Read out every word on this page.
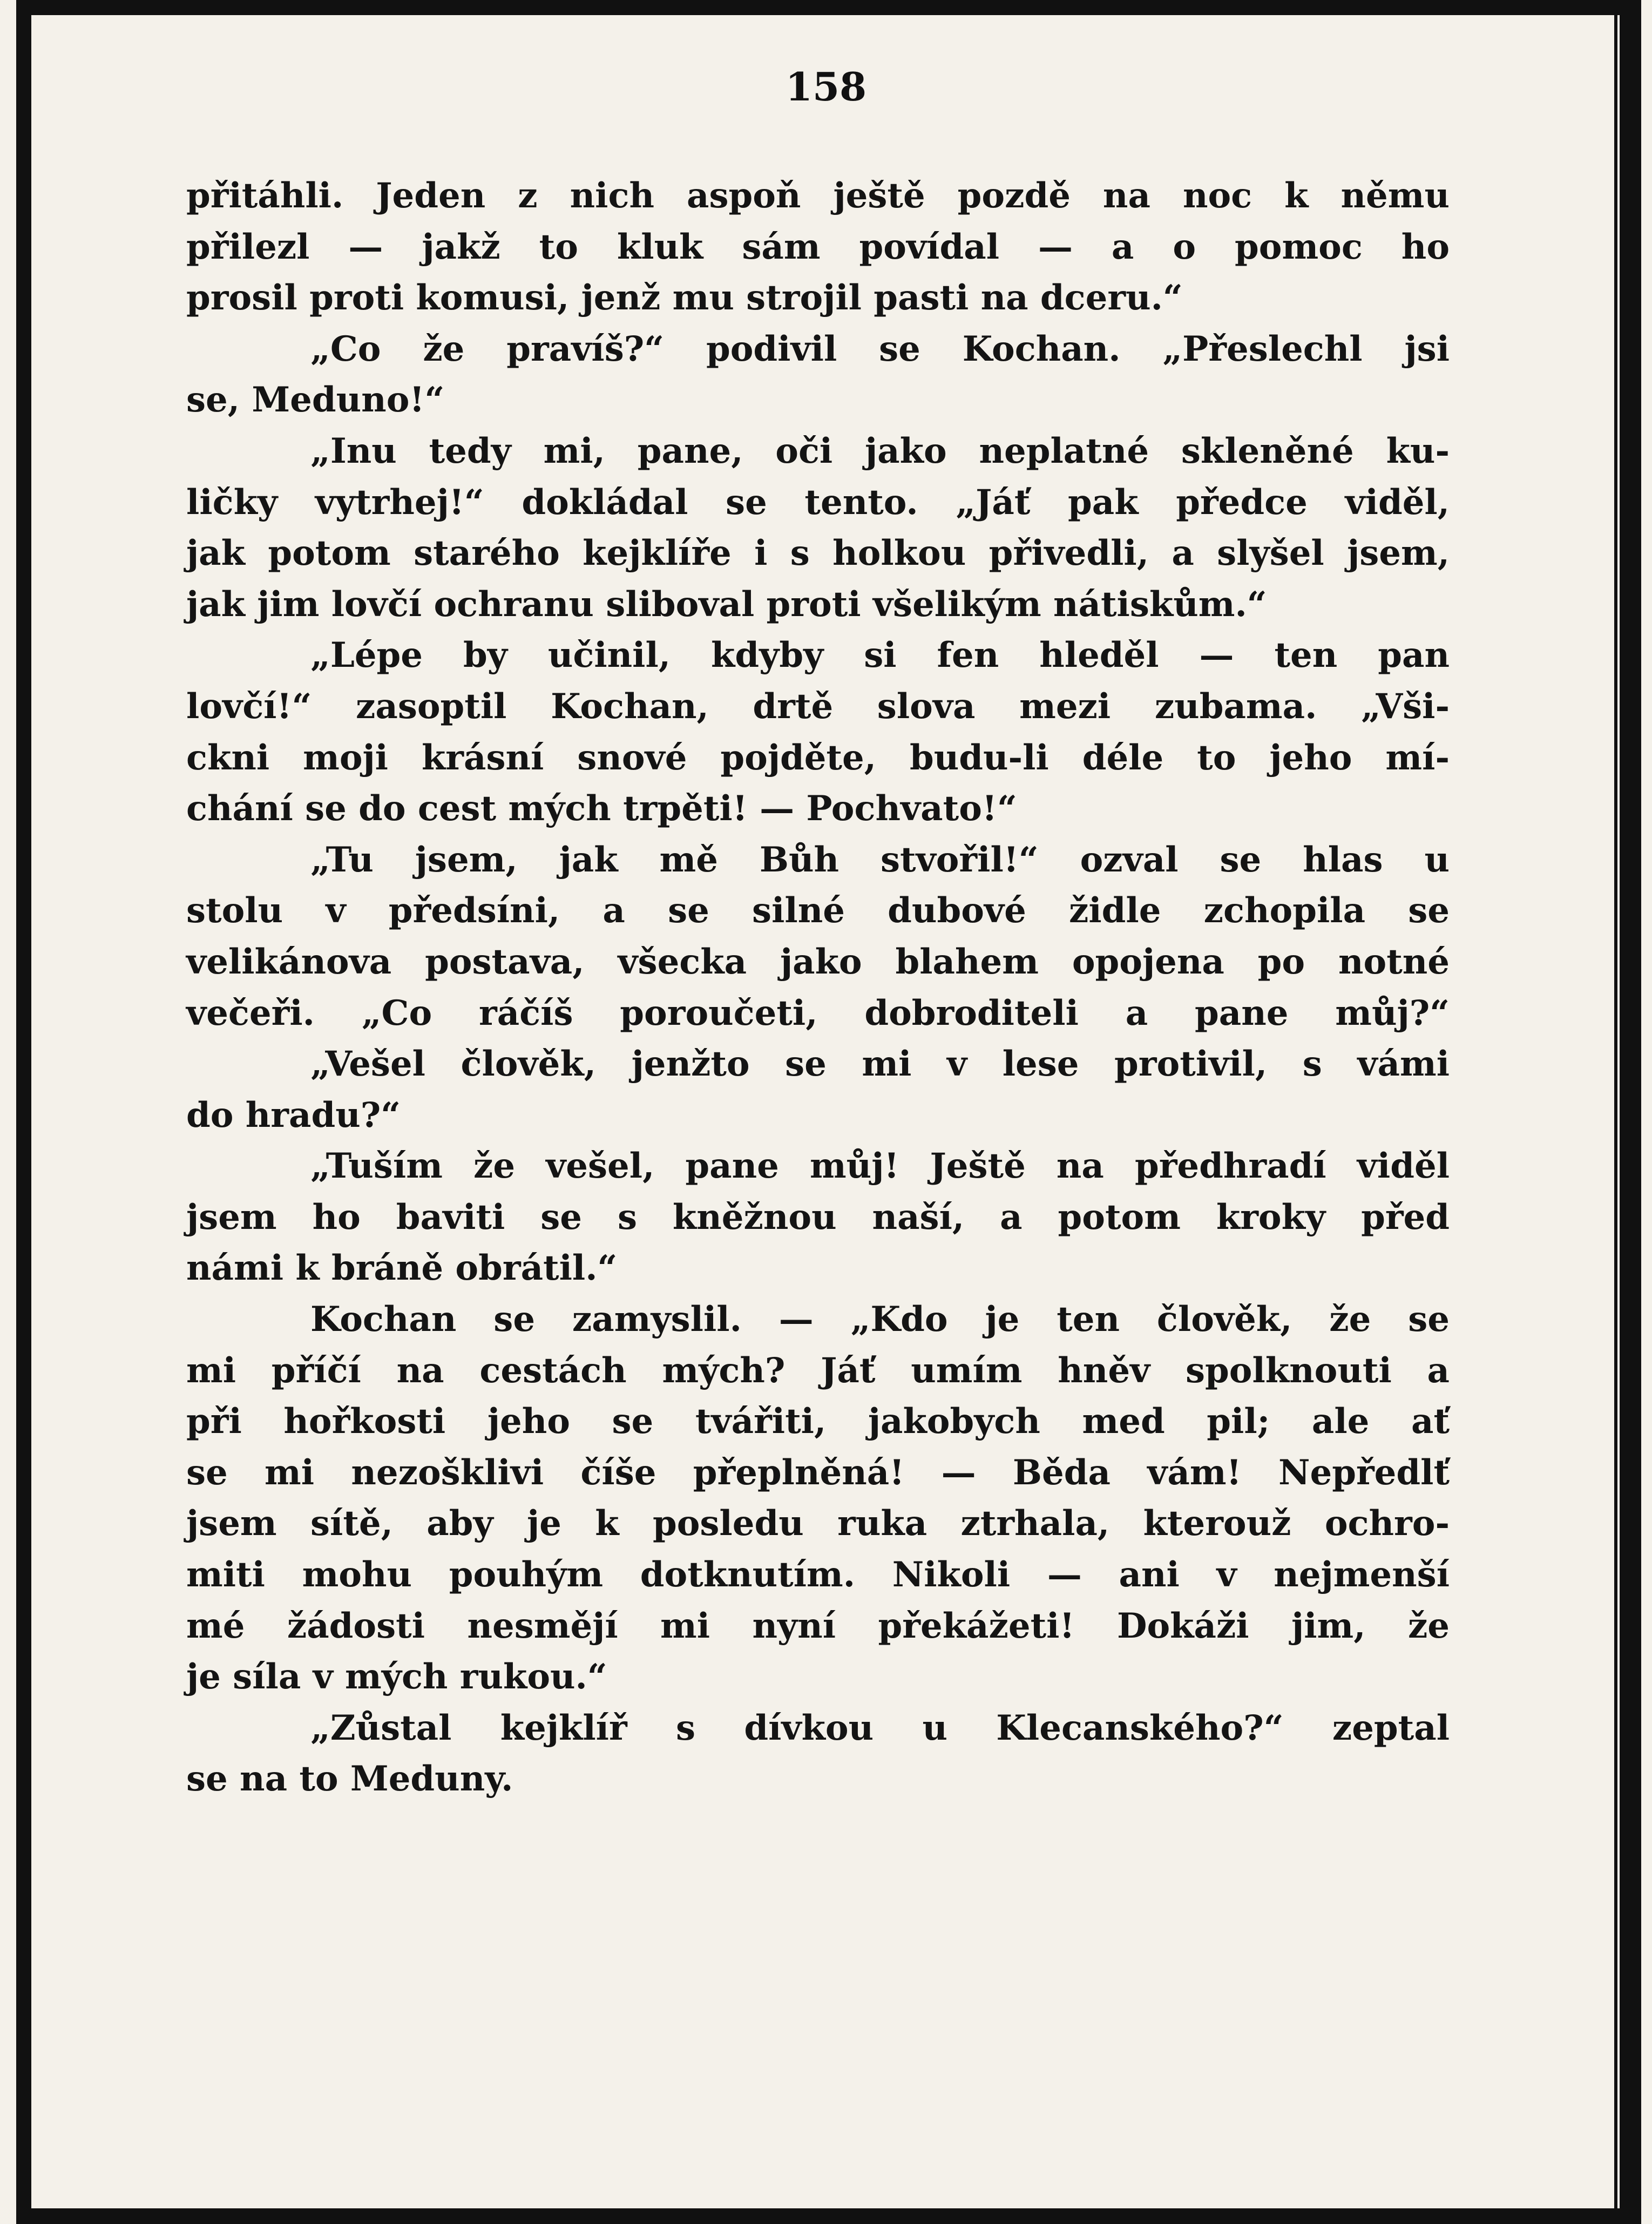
158
přitáhli. Jeden z nich aspoň ještě pozdě na noc k němu
přilezl — jakž to kluk sám povídal — a o pomoc ho
prosil proti komusi, jenž mu strojil pasti na dceru.“
„Co že pravíš?“ podivil se Kochan. „Přeslechl jsi
se, Medunо!“
„Inu tedy mi, pane, oči jako neplatné skleněné ku-
ličky vytrhej!“ dokládal se tento. „Jáť pak předce viděl,
jak potom starého kejklíře i s holkou přivedli, a slyšel jsem,
jak jim lovčí ochranu sliboval proti všelikým nátiskům.“
„Lépe by učinil, kdyby si fen hleděl — ten pan
lovčí!“ zasoptil Kochan, drtě slova mezi zubama. „Vši-
ckni moji krásní snové pojděte, budu-li déle to jeho mí-
chání se do cest mých trpěti! — Pochvato!“
„Tu jsem, jak mě Bůh stvořil!“ ozval se hlas u
stolu v předsíni, a se silné dubové židle zchopila se
velikánova postava, všecka jako blahem opojena po notné
večeři. „Co ráčíš poroučeti, dobroditeli a pane můj?“
„Vešel člověk, jenžto se mi v lese protivil, s vámi
do hradu?“
„Tuším že vešel, pane můj! Ještě na předhradí viděl
jsem ho baviti se s kněžnou naší, a potom kroky před
námi k bráně obrátil.“
Kochan se zamyslil. — „Kdo je ten člověk, že se
mi příčí na cestách mých? Jáť umím hněv spolknouti a
při hořkosti jeho se tvářiti, jakobych med pil; ale ať
se mi nezošklivi číše přeplněná! — Běda vám! Nepředlť
jsem sítě, aby je k posledu ruka ztrhala, kterouž ochro-
miti mohu pouhým dotknutím. Nikoli — ani v nejmenší
mé žádosti nesmějí mi nyní překážeti! Dokáži jim, že
je síla v mých rukou.“
„Zůstal kejklíř s dívkou u Klecanského?“ zeptal
se na to Meduny.
